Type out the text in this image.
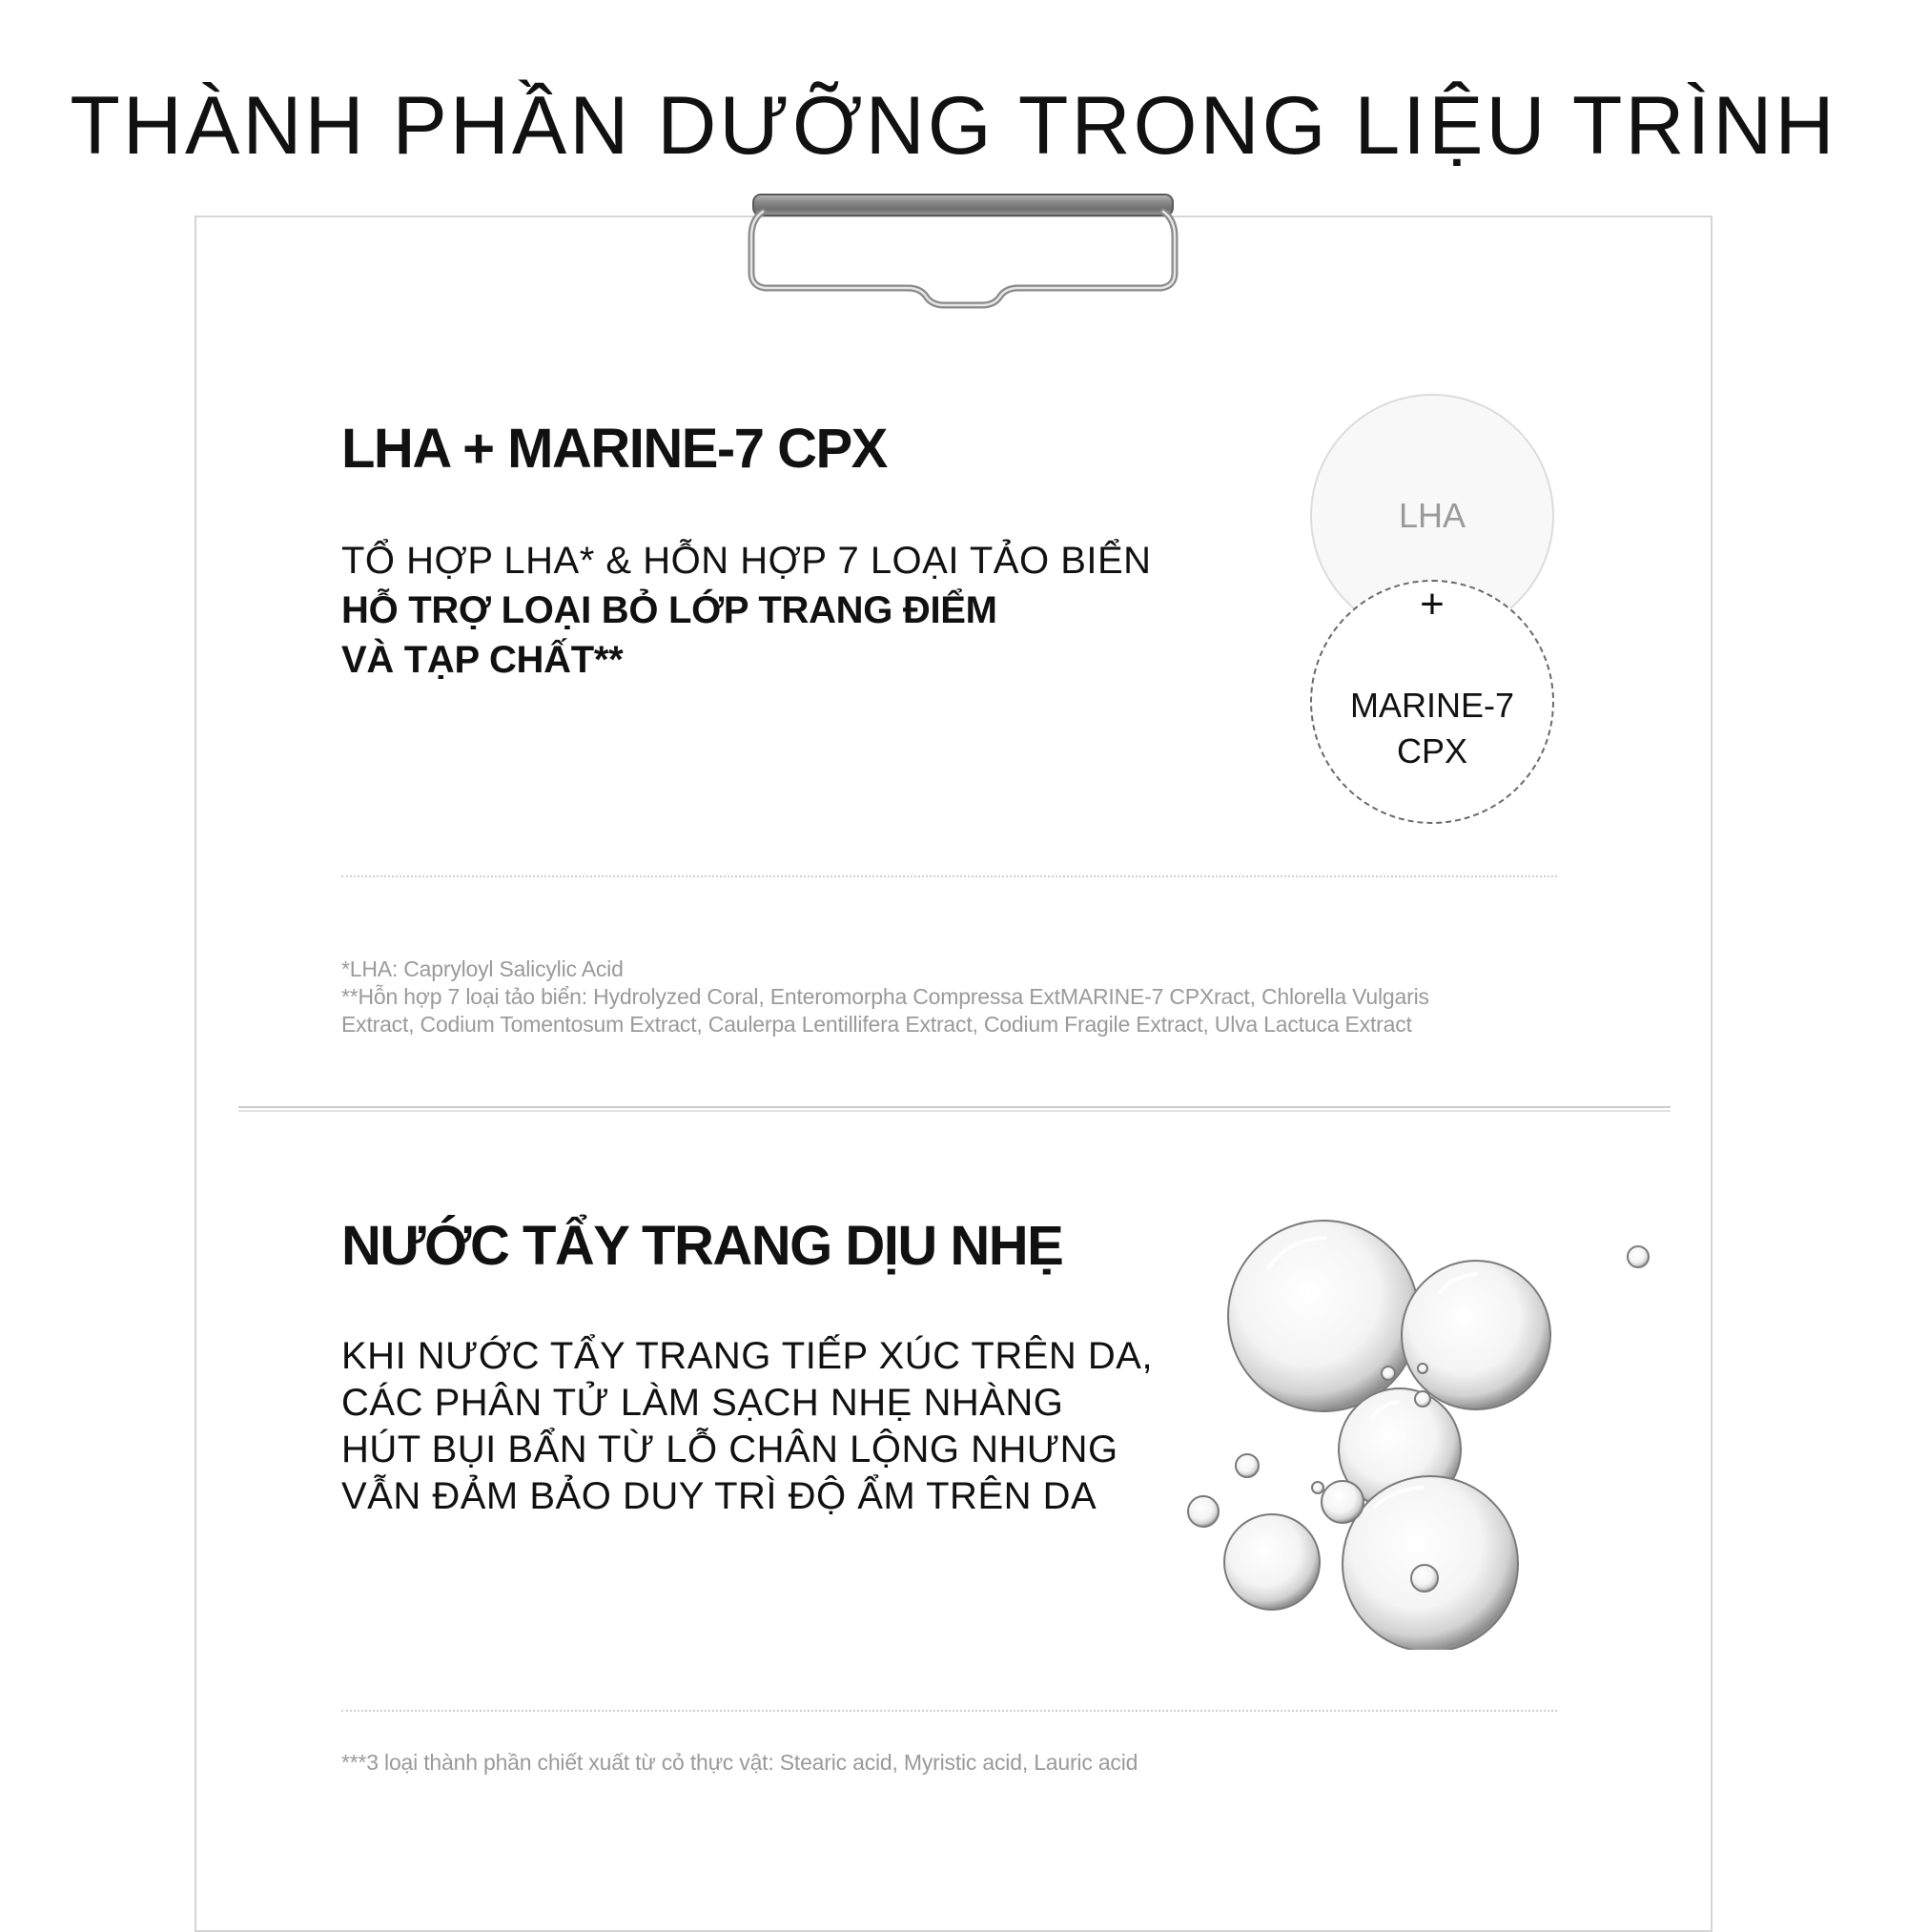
THÀNH PHẦN DƯỠNG TRONG LIỆU TRÌNH
LHA + MARINE-7 CPX
TỔ HỢP LHA* & HỖN HỢP 7 LOẠI TẢO BIỂN
HỖ TRỢ LOẠI BỎ LỚP TRANG ĐIỂM
VÀ TẠP CHẤT**
LHA
+
MARINE-7
CPX
*LHA: Capryloyl Salicylic Acid
**Hỗn hợp 7 loại tảo biển: Hydrolyzed Coral, Enteromorpha Compressa ExtMARINE-7 CPXract, Chlorella Vulgaris
Extract, Codium Tomentosum Extract, Caulerpa Lentillifera Extract, Codium Fragile Extract, Ulva Lactuca Extract
NƯỚC TẨY TRANG DỊU NHẸ
KHI NƯỚC TẨY TRANG TIẾP XÚC TRÊN DA,
CÁC PHÂN TỬ LÀM SẠCH NHẸ NHÀNG
HÚT BỤI BẨN TỪ LỖ CHÂN LỘNG NHƯNG
VẪN ĐẢM BẢO DUY TRÌ ĐỘ ẨM TRÊN DA
***3 loại thành phần chiết xuất từ cỏ thực vật: Stearic acid, Myristic acid, Lauric acid
